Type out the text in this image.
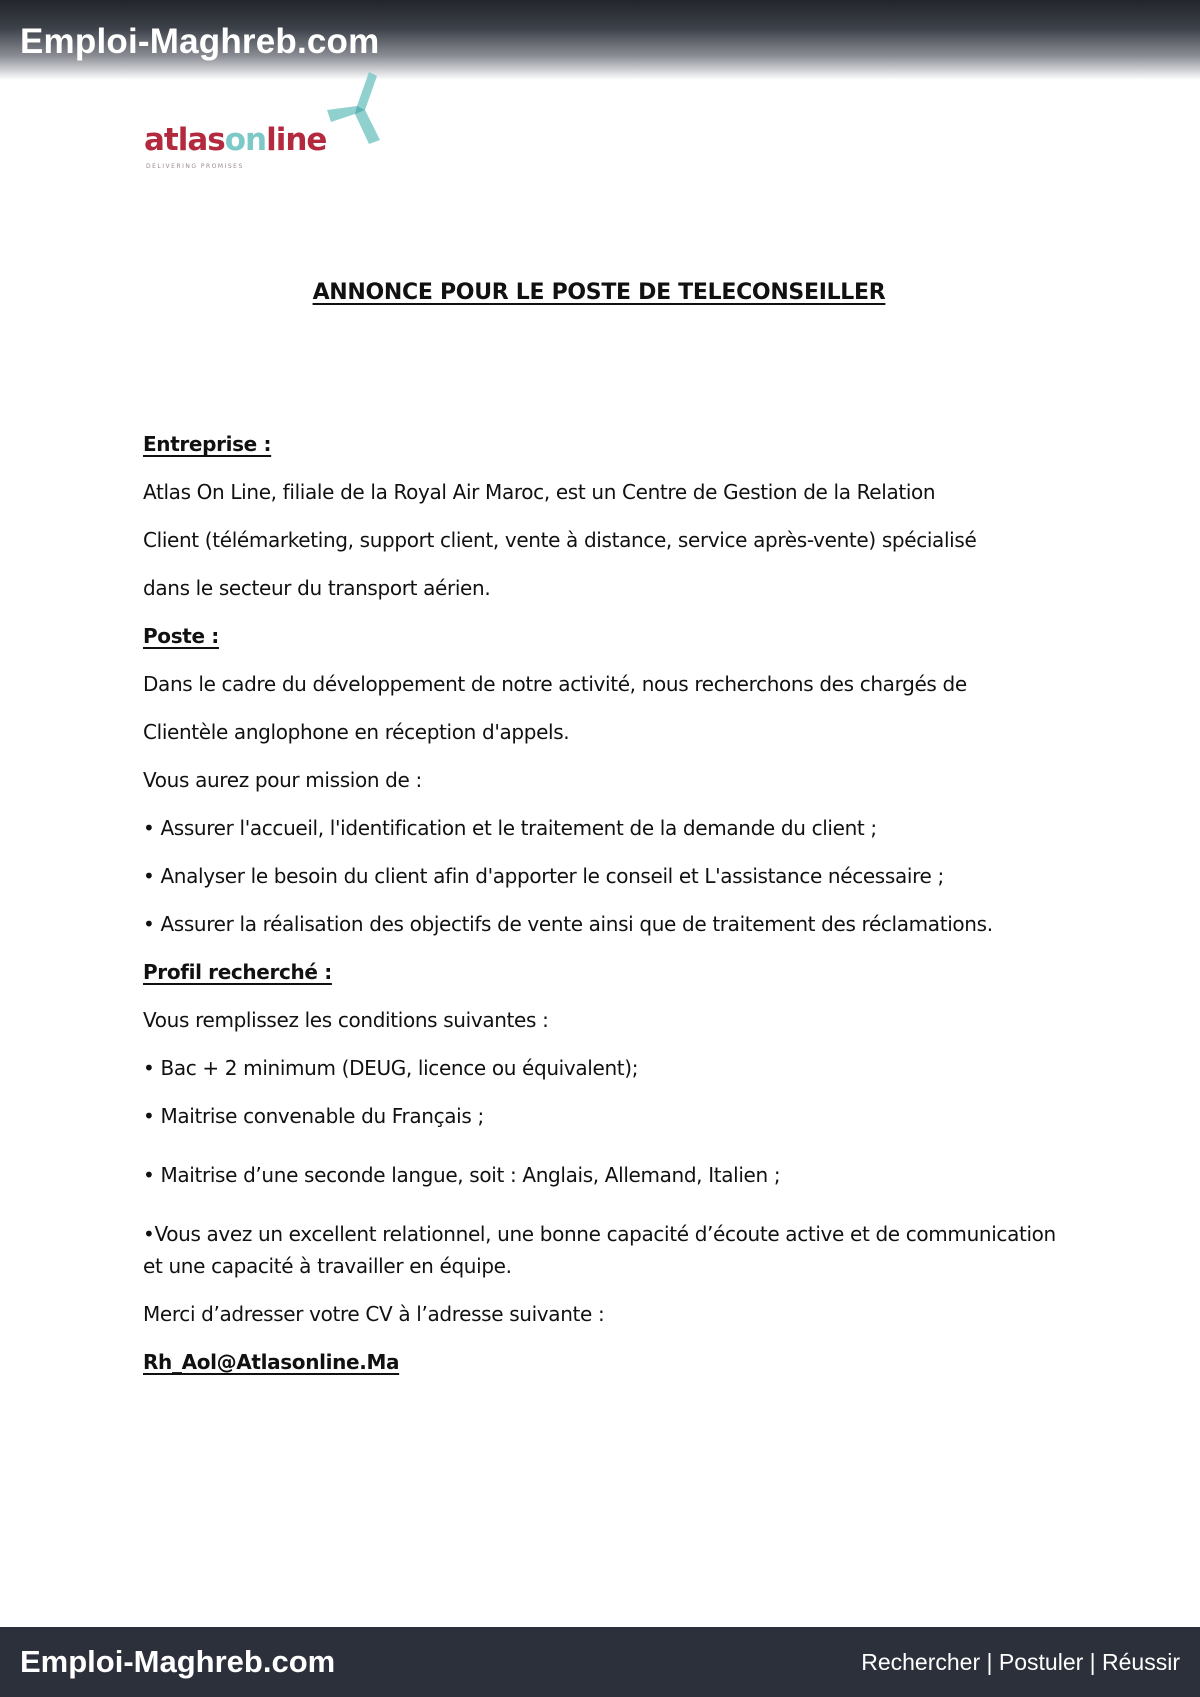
Emploi-Maghreb.com
atlasonline
DELIVERING PROMISES
ANNONCE POUR LE POSTE DE TELECONSEILLER
Entreprise :
Atlas On Line, filiale de la Royal Air Maroc, est un Centre de Gestion de la Relation
Client (télémarketing, support client, vente à distance, service après-vente) spécialisé
dans le secteur du transport aérien.
Poste :
Dans le cadre du développement de notre activité, nous recherchons des chargés de
Clientèle anglophone en réception d'appels.
Vous aurez pour mission de :
• Assurer l'accueil, l'identification et le traitement de la demande du client ;
• Analyser le besoin du client afin d'apporter le conseil et L'assistance nécessaire ;
• Assurer la réalisation des objectifs de vente ainsi que de traitement des réclamations.
Profil recherché :
Vous remplissez les conditions suivantes :
• Bac + 2 minimum (DEUG, licence ou équivalent);
• Maitrise convenable du Français ;
• Maitrise d’une seconde langue, soit : Anglais, Allemand, Italien ;
•Vous avez un excellent relationnel, une bonne capacité d’écoute active et de communication
et une capacité à travailler en équipe.
Merci d’adresser votre CV à l’adresse suivante :
Rh_Aol@Atlasonline.Ma
Emploi-Maghreb.com	Rechercher | Postuler | Réussir
